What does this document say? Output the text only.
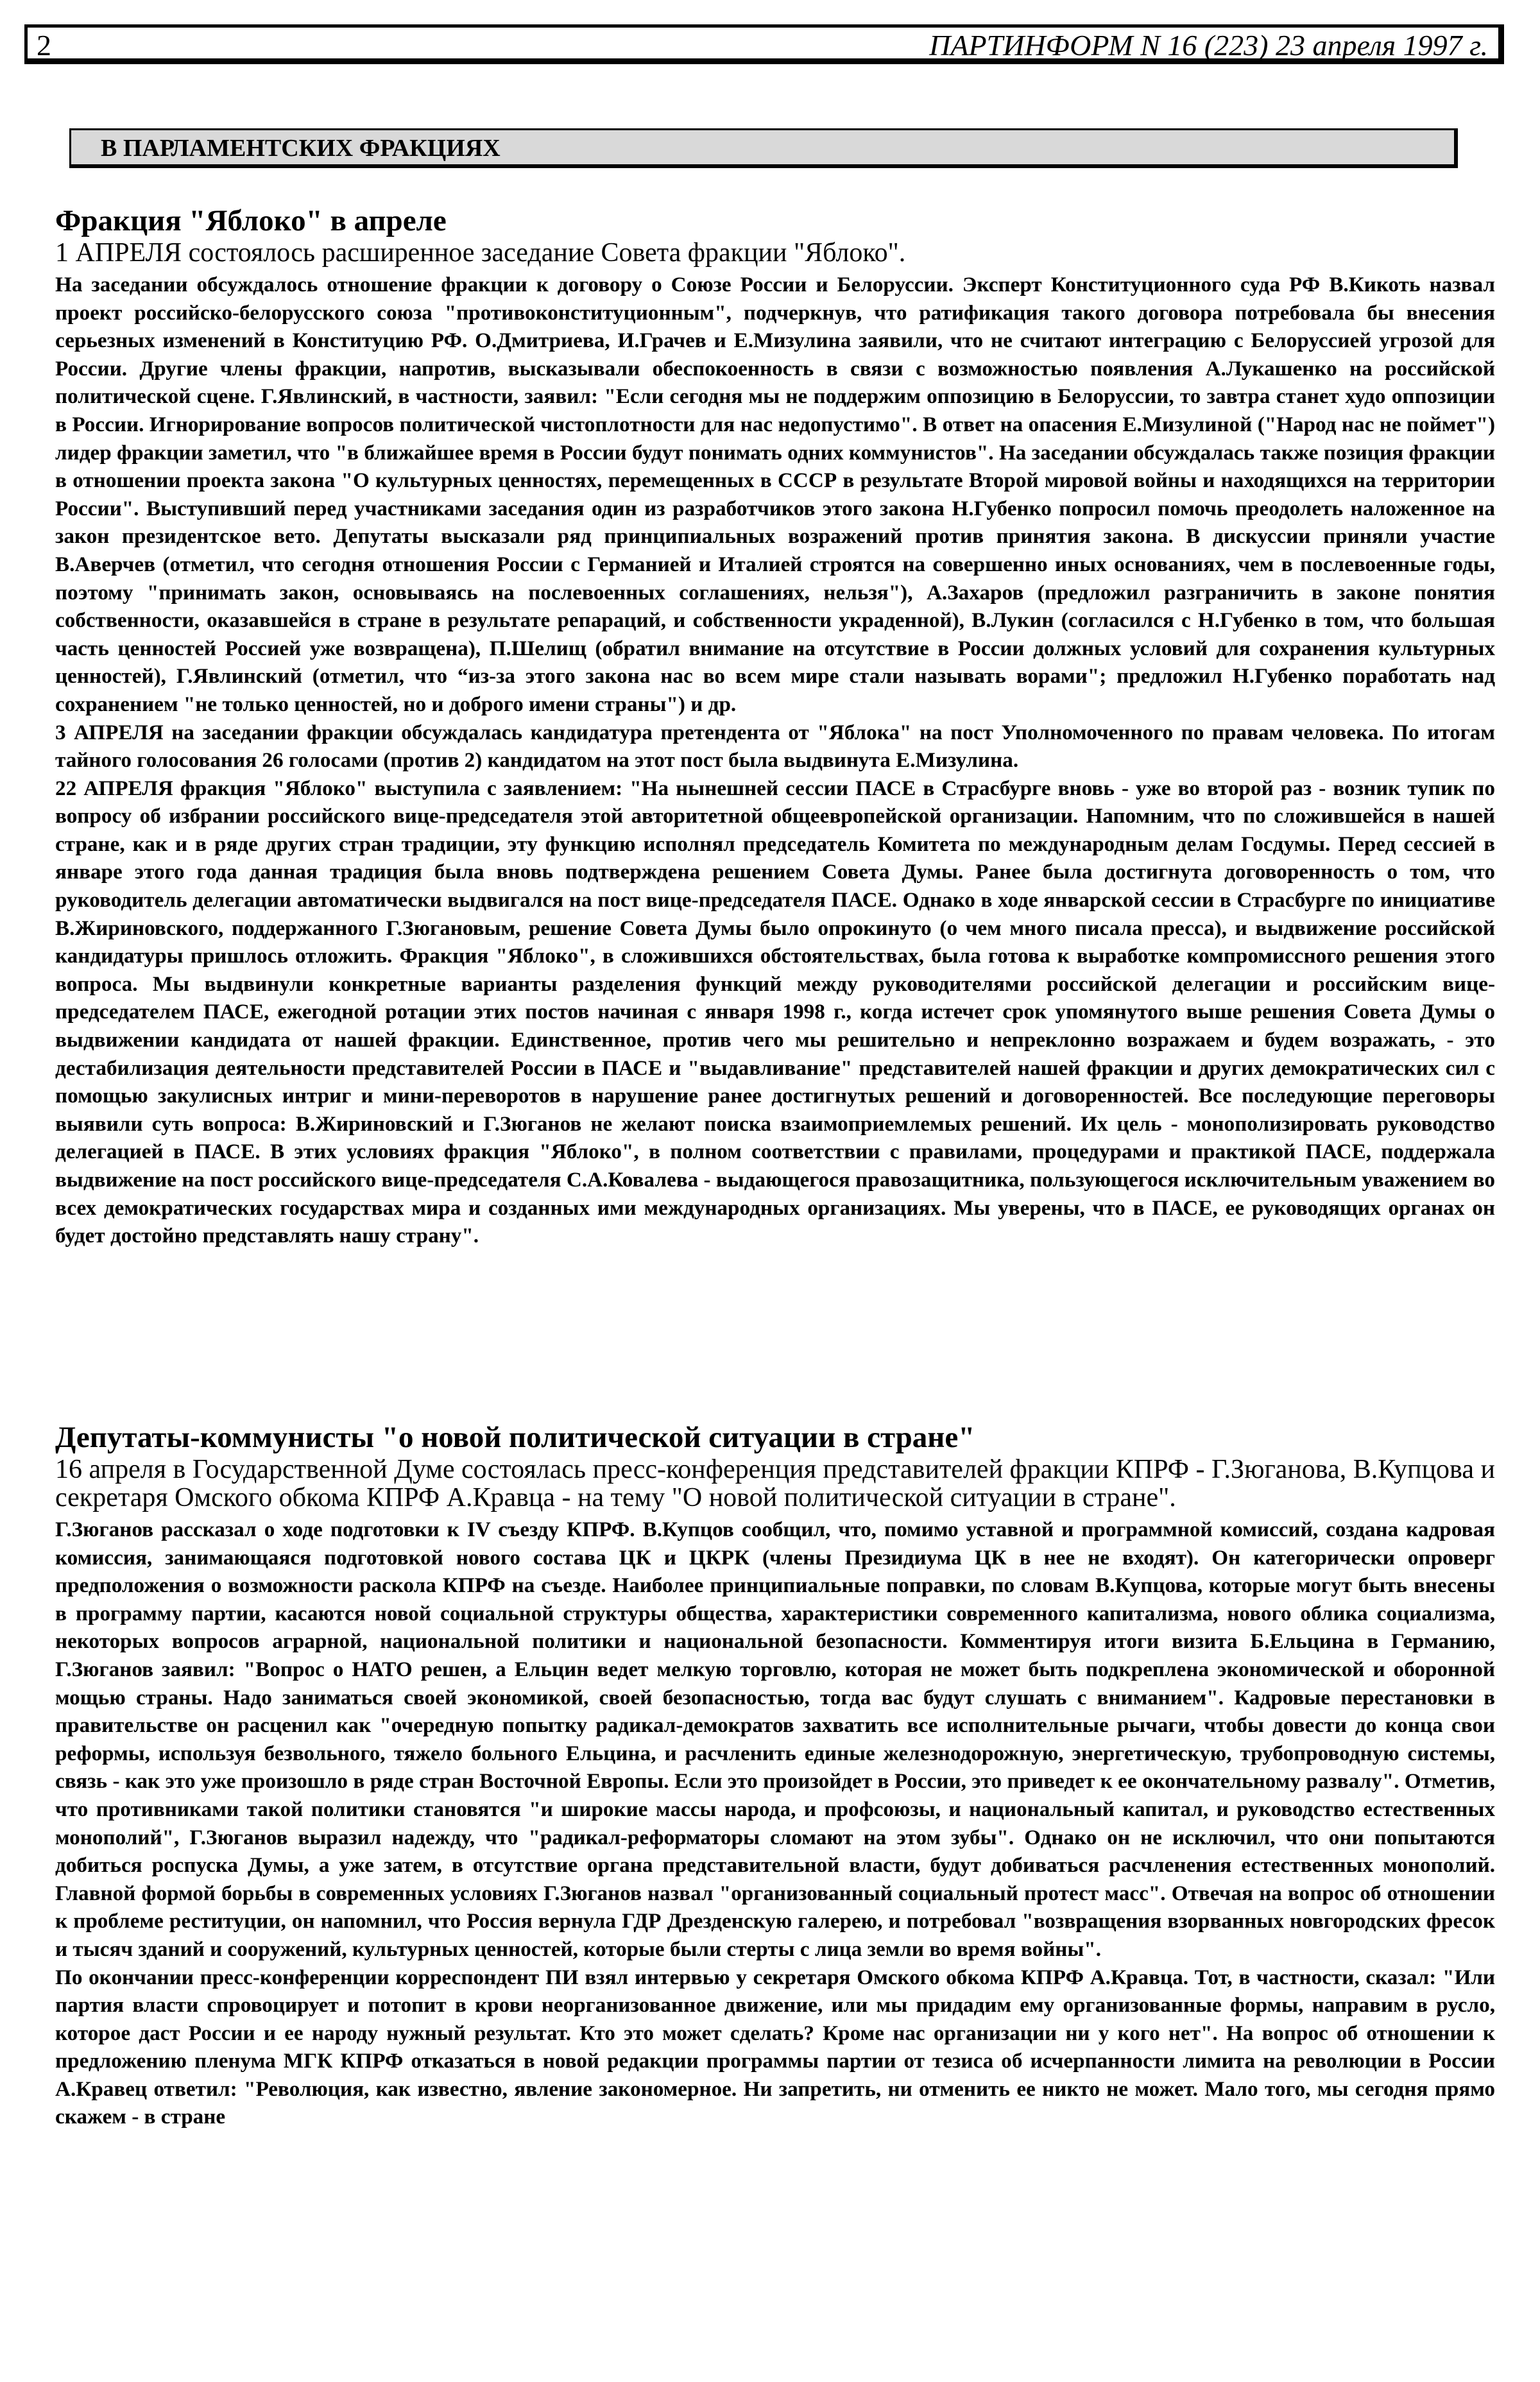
2	ПАРТИНФОРМ N 16 (223) 23 апреля 1997 г.
В ПАРЛАМЕНТСКИХ ФРАКЦИЯХ
Фракция "Яблоко" в апреле

1 АПРЕЛЯ состоялось расширенное заседание Совета фракции "Яблоко".

На заседании обсуждалось отношение фракции к договору о Союзе России и Белоруссии. Эксперт Конституционного суда РФ В.Кикоть назвал проект российско-белорусского союза "противоконституционным", подчеркнув, что ратификация такого договора потребовала бы внесения серьезных изменений в Конституцию РФ. О.Дмитриева, И.Грачев и Е.Мизулина заявили, что не считают интеграцию с Белоруссией угрозой для России. Другие члены фракции, напротив, высказывали обеспокоенность в связи с возможностью появления А.Лукашенко на российской политической сцене. Г.Явлинский, в частности, заявил: "Если сегодня мы не поддержим оппозицию в Белоруссии, то завтра станет худо оппозиции в России. Игнорирование вопросов политической чистоплотности для нас недопустимо". В ответ на опасения Е.Мизулиной ("Народ нас не поймет") лидер фракции заметил, что "в ближайшее время в России будут понимать одних коммунистов". На заседании обсуждалась также позиция фракции в отношении проекта закона "О культурных ценностях, перемещенных в СССР в результате Второй мировой войны и находящихся на территории России". Выступивший перед участниками заседания один из разработчиков этого закона Н.Губенко попросил помочь преодолеть наложенное на закон президентское вето. Депутаты высказали ряд принципиальных возражений против принятия закона. В дискуссии приняли участие В.Аверчев (отметил, что сегодня отношения России с Германией и Италией строятся на совершенно иных основаниях, чем в послевоенные годы, поэтому "принимать закон, основываясь на послевоенных соглашениях, нельзя"), А.Захаров (предложил разграничить в законе понятия собственности, оказавшейся в стране в результате репараций, и собственности украденной), В.Лукин (согласился с Н.Губенко в том, что большая часть ценностей Россией уже возвращена), П.Шелищ (обратил внимание на отсутствие в России должных условий для сохранения культурных ценностей), Г.Явлинский (отметил, что “из-за этого закона нас во всем мире стали называть ворами"; предложил Н.Губенко поработать над сохранением "не только ценностей, но и доброго имени страны") и др.

3 АПРЕЛЯ на заседании фракции обсуждалась кандидатура претендента от "Яблока" на пост Уполномоченного по правам человека. По итогам тайного голосования 26 голосами (против 2) кандидатом на этот пост была выдвинута Е.Мизулина.

22 АПРЕЛЯ фракция "Яблоко" выступила с заявлением: "На нынешней сессии ПАСЕ в Страсбурге вновь - уже во второй раз - возник тупик по вопросу об избрании российского вице-председателя этой авторитетной общеевропейской организации. Напомним, что по сложившейся в нашей стране, как и в ряде других стран традиции, эту функцию исполнял председатель Комитета по международным делам Госдумы. Перед сессией в январе этого года данная традиция была вновь подтверждена решением Совета Думы. Ранее была достигнута договоренность о том, что руководитель делегации автоматически выдвигался на пост вице-председателя ПАСЕ. Однако в ходе январской сессии в Страсбурге по инициативе В.Жириновского, поддержанного Г.Зюгановым, решение Совета Думы было опрокинуто (о чем много писала пресса), и выдвижение российской кандидатуры пришлось отложить. Фракция "Яблоко", в сложившихся обстоятельствах, была готова к выработке компромиссного решения этого вопроса. Мы выдвинули конкретные варианты разделения функций между руководителями российской делегации и российским вице-председателем ПАСЕ, ежегодной ротации этих постов начиная с января 1998 г., когда истечет срок упомянутого выше решения Совета Думы о выдвижении кандидата от нашей фракции. Единственное, против чего мы решительно и непреклонно возражаем и будем возражать, - это дестабилизация деятельности представителей России в ПАСЕ и "выдавливание" представителей нашей фракции и других демократических сил с помощью закулисных интриг и мини-переворотов в нарушение ранее достигнутых решений и договоренностей. Все последующие переговоры выявили суть вопроса: В.Жириновский и Г.Зюганов не желают поиска взаимоприемлемых решений. Их цель - монополизировать руководство делегацией в ПАСЕ. В этих условиях фракция "Яблоко", в полном соответствии с правилами, процедурами и практикой ПАСЕ, поддержала выдвижение на пост российского вице-председателя С.А.Ковалева - выдающегося правозащитника, пользующегося исключительным уважением во всех демократических государствах мира и созданных ими международных организациях. Мы уверены, что в ПАСЕ, ее руководящих органах он будет достойно представлять нашу страну".

Депутаты-коммунисты "о новой политической ситуации в стране"

16 апреля в Государственной Думе состоялась пресс-конференция представителей фракции КПРФ - Г.Зюганова, В.Купцова и секретаря Омского обкома КПРФ А.Кравца - на тему "О новой политической ситуации в стране".

Г.Зюганов рассказал о ходе подготовки к IV съезду КПРФ. В.Купцов сообщил, что, помимо уставной и программной комиссий, создана кадровая комиссия, занимающаяся подготовкой нового состава ЦК и ЦКРК (члены Президиума ЦК в нее не входят). Он категорически опроверг предположения о возможности раскола КПРФ на съезде. Наиболее принципиальные поправки, по словам В.Купцова, которые могут быть внесены в программу партии, касаются новой социальной структуры общества, характеристики современного капитализма, нового облика социализма, некоторых вопросов аграрной, национальной политики и национальной безопасности. Комментируя итоги визита Б.Ельцина в Германию, Г.Зюганов заявил: "Вопрос о НАТО решен, а Ельцин ведет мелкую торговлю, которая не может быть подкреплена экономической и оборонной мощью страны. Надо заниматься своей экономикой, своей безопасностью, тогда вас будут слушать с вниманием". Кадровые перестановки в правительстве он расценил как "очередную попытку радикал-демократов захватить все исполнительные рычаги, чтобы довести до конца свои реформы, используя безвольного, тяжело больного Ельцина, и расчленить единые железнодорожную, энергетическую, трубопроводную системы, связь - как это уже произошло в ряде стран Восточной Европы. Если это произойдет в России, это приведет к ее окончательному развалу". Отметив, что противниками такой политики становятся "и широкие массы народа, и профсоюзы, и национальный капитал, и руководство естественных монополий", Г.Зюганов выразил надежду, что "радикал-реформаторы сломают на этом зубы". Однако он не исключил, что они попытаются добиться роспуска Думы, а уже затем, в отсутствие органа представительной власти, будут добиваться расчленения естественных монополий. Главной формой борьбы в современных условиях Г.Зюганов назвал "организованный социальный протест масс". Отвечая на вопрос об отношении к проблеме реституции, он напомнил, что Россия вернула ГДР Дрезденскую галерею, и потребовал "возвращения взорванных новгородских фресок и тысяч зданий и сооружений, культурных ценностей, которые были стерты с лица земли во время войны".

По окончании пресс-конференции корреспондент ПИ взял интервью у секретаря Омского обкома КПРФ А.Кравца. Тот, в частности, сказал: "Или партия власти спровоцирует и потопит в крови неорганизованное движение, или мы придадим ему организованные формы, направим в русло, которое даст России и ее народу нужный результат. Кто это может сделать? Кроме нас организации ни у кого нет". На вопрос об отношении к предложению пленума МГК КПРФ отказаться в новой редакции программы партии от тезиса об исчерпанности лимита на революции в России А.Кравец ответил: "Революция, как известно, явление закономерное. Ни запретить, ни отменить ее никто не может. Мало того, мы сегодня прямо скажем - в стране
